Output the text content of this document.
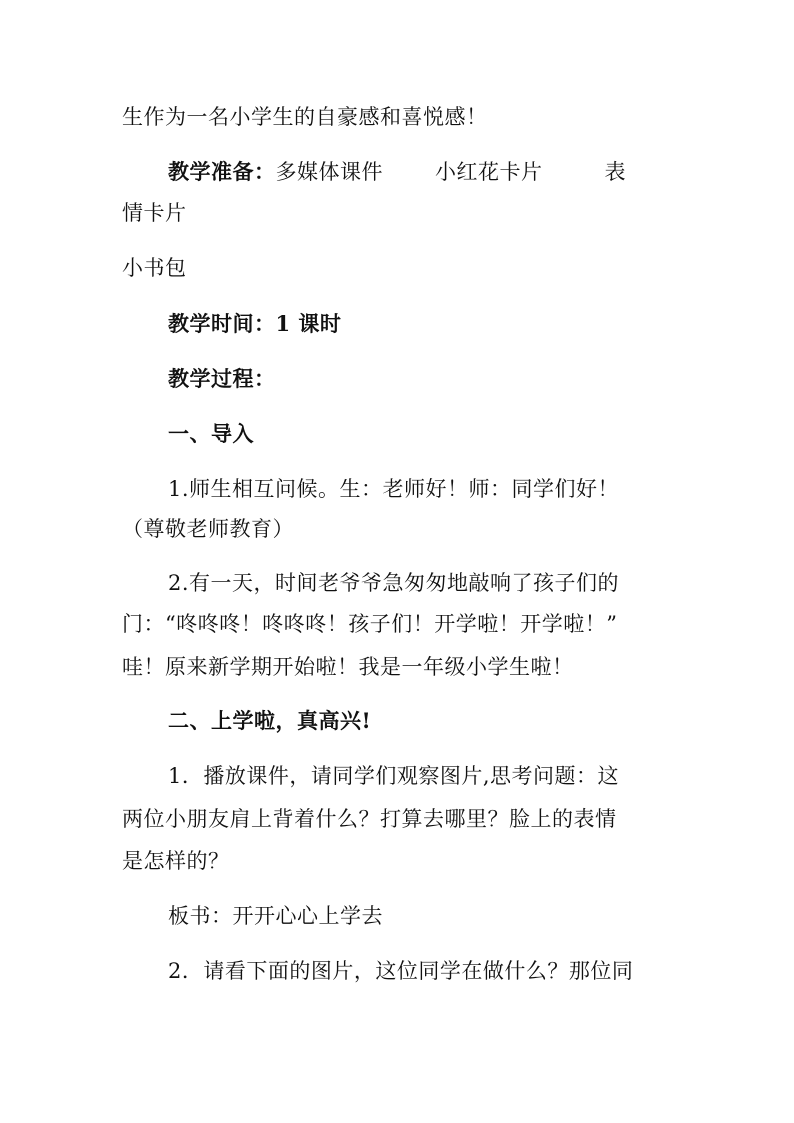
生作为一名小学生的自豪感和喜悦感！
教学准备：多媒体课件 小红花卡片	表
情卡片
小书包
教学时间：1 课时
教学过程：
一、导入
1.师生相互问候。生：老师好！师：同学们好！
（尊敬老师教育）
2.有一天，时间老爷爷急匆匆地敲响了孩子们的
门：“咚咚咚！咚咚咚！孩子们！开学啦！开学啦！”
哇！原来新学期开始啦！我是一年级小学生啦！
二、上学啦，真高兴!
1．播放课件，请同学们观察图片,思考问题：这
两位小朋友肩上背着什么？打算去哪里？脸上的表情
是怎样的？
板书：开开心心上学去
2．请看下面的图片，这位同学在做什么？那位同
